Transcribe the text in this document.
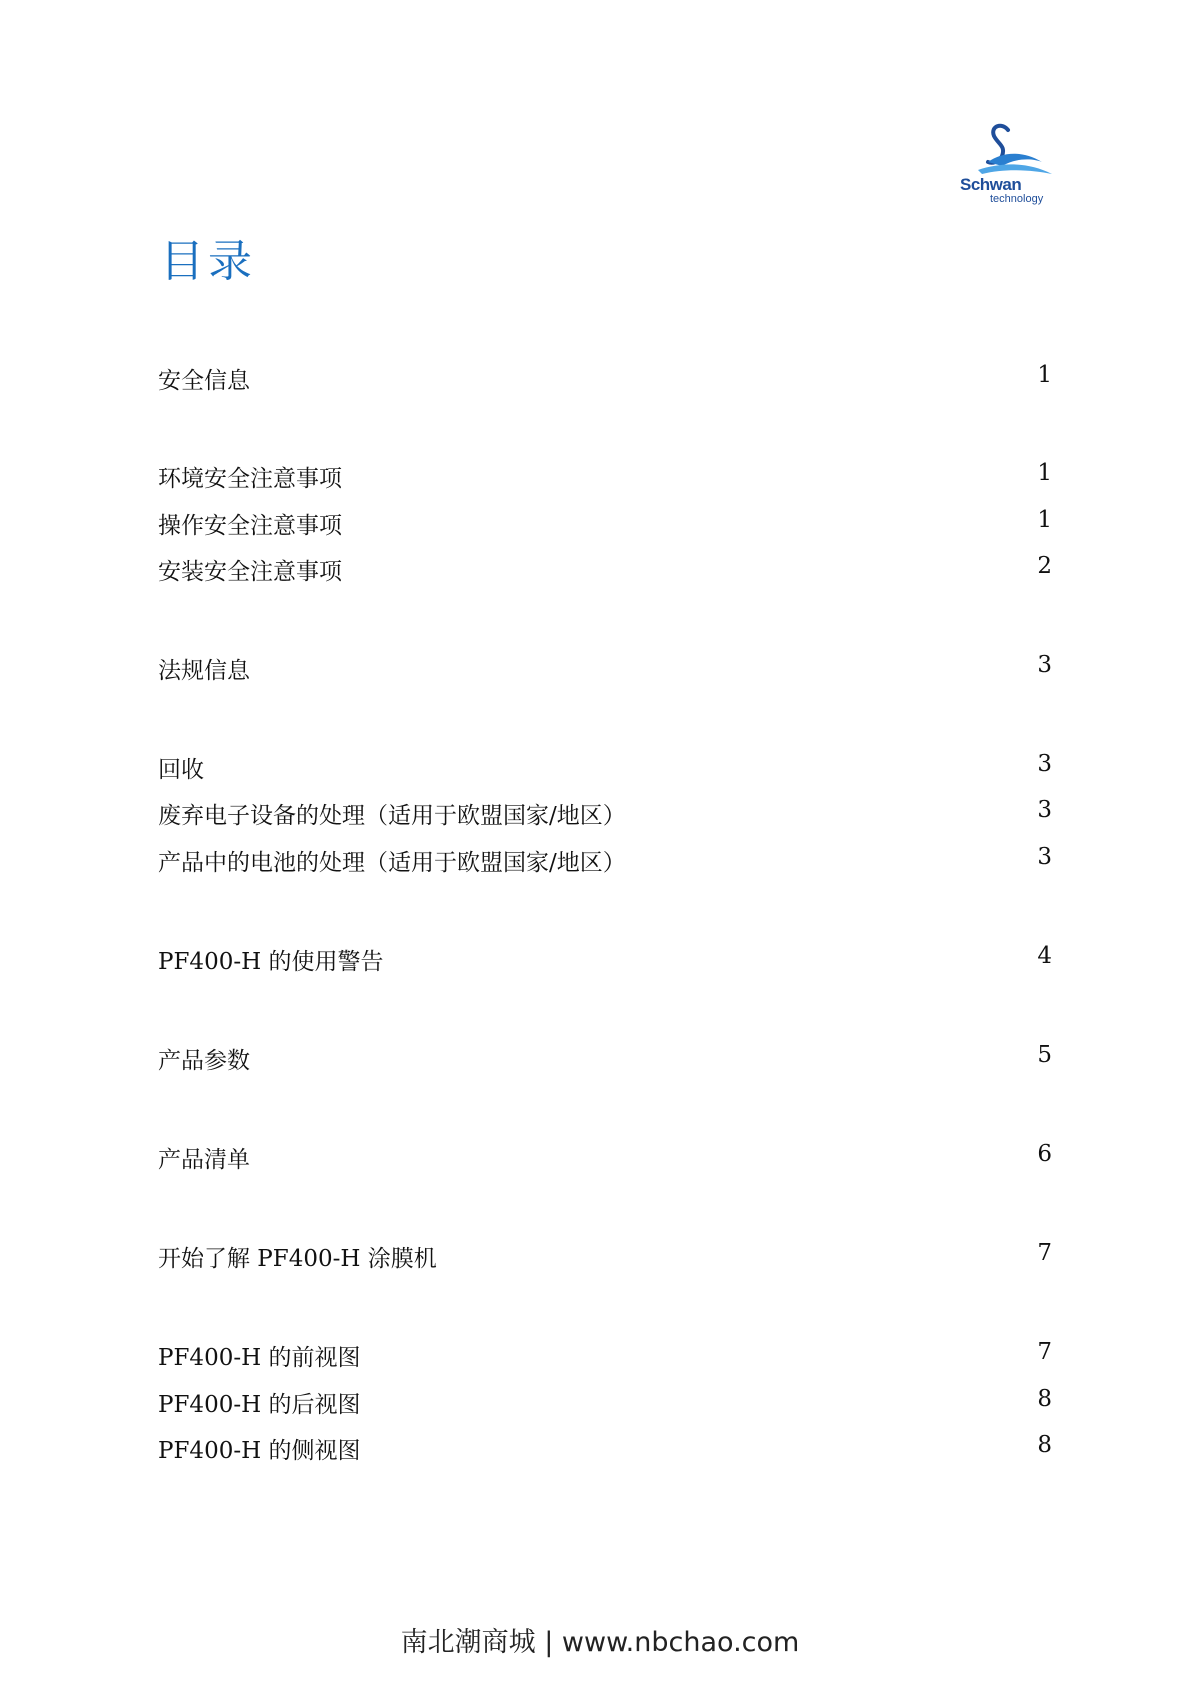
Schwan
technology
目录
安全信息	1
环境安全注意事项	1
操作安全注意事项	1
安装安全注意事项	2
法规信息	3
回收	3
废弃电子设备的处理（适用于欧盟国家/地区）	3
产品中的电池的处理（适用于欧盟国家/地区）	3
PF400-H 的使用警告	4
产品参数	5
产品清单	6
开始了解 PF400-H 涂膜机	7
PF400-H 的前视图	7
PF400-H 的后视图	8
PF400-H 的侧视图	8
南北潮商城 | www.nbchao.com
